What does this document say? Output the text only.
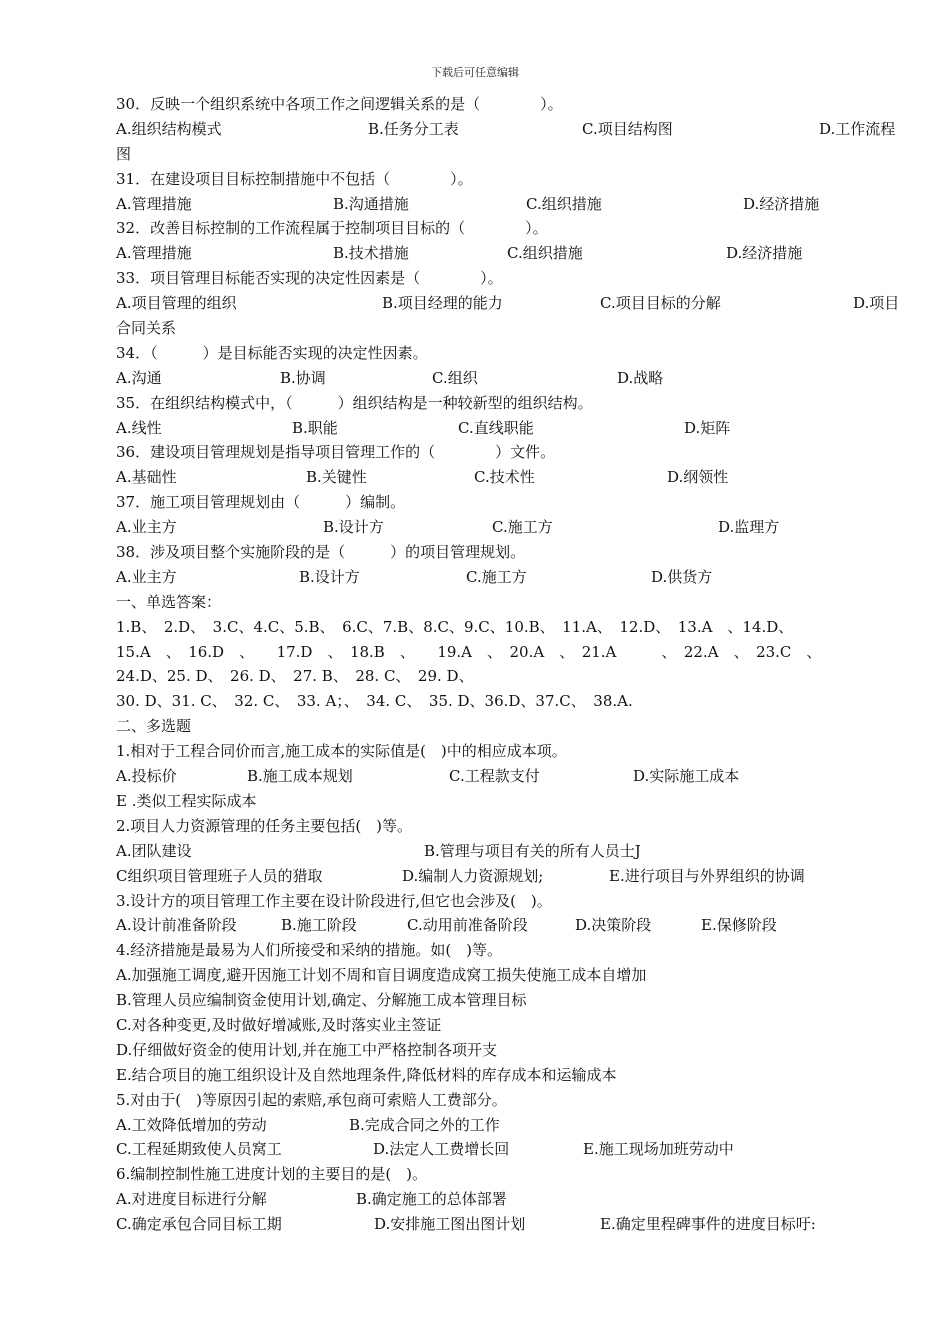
下载后可任意编辑
30．反映一个组织系统中各项工作之间逻辑关系的是（　　　　）。
A.组织结构模式	B.任务分工表	C.项目结构图	D.工作流程
图
31．在建设项目目标控制措施中不包括（　　　　）。
A.管理措施	B.沟通措施	C.组织措施	D.经济措施
32．改善目标控制的工作流程属于控制项目目标的（　　　　）。
A.管理措施	B.技术措施	C.组织措施	D.经济措施
33．项目管理目标能否实现的决定性因素是（　　　　）。
A.项目管理的组织	B.项目经理的能力	C.项目目标的分解	D.项目
合同关系
34．（　　　）是目标能否实现的决定性因素。
A.沟通	B.协调	C.组织	D.战略
35．在组织结构模式中，（　　　）组织结构是一种较新型的组织结构。
A.线性	B.职能	C.直线职能	D.矩阵
36．建设项目管理规划是指导项目管理工作的（　　　　）文件。
A.基础性	B.关键性	C.技术性	D.纲领性
37．施工项目管理规划由（　　　）编制。
A.业主方	B.设计方	C.施工方	D.监理方
38．涉及项目整个实施阶段的是（　　　）的项目管理规划。
A.业主方	B.设计方	C.施工方	D.供货方
一、单选答案：
1.B、　2.D、　3.C、4.C、5.B、　6.C、7.B、8.C、9.C、10.B、　11.A、　12.D、　13.A　、14.D、
15.A　、　16.D　、　　17.D　、　18.B　、　　19.A　、　20.A　、　21.A　　　、　22.A　、　23.C　、
24.D、25. D、　26. D、　27. B、　28. C、　29. D、
30. D、31. C、　32. C、　33. A；、　34. C、　35. D、36.D、37.C、　38.A.
二、多选题
1.相对于工程合同价而言,施工成本的实际值是(　)中的相应成本项。
A.投标价	B.施工成本规划	C.工程款支付	D.实际施工成本
E .类似工程实际成本
2.项目人力资源管理的任务主要包括(　)等。
A.团队建设	B.管理与项目有关的所有人员士J
C组织项目管理班子人员的猎取	D.编制人力资源规划;	E.进行项目与外界组织的协调
3.设计方的项目管理工作主要在设计阶段进行,但它也会涉及(　)。
A.设计前准备阶段	B.施工阶段	C.动用前准备阶段	D.决策阶段	E.保修阶段
4.经济措施是最易为人们所接受和采纳的措施。如(　)等。
A.加强施工调度,避开因施工计划不周和盲目调度造成窝工损失使施工成本自增加
B.管理人员应编制资金使用计划,确定、分解施工成本管理目标
C.对各种变更,及时做好增减账,及时落实业主签证
D.仔细做好资金的使用计划,并在施工中严格控制各项开支
E.结合项目的施工组织设计及自然地理条件,降低材料的库存成本和运输成本
5.对由于(　)等原因引起的索赔,承包商可索赔人工费部分。
A.工效降低增加的劳动	B.完成合同之外的工作
C.工程延期致使人员窝工	D.法定人工费增长回	E.施工现场加班劳动中
6.编制控制性施工进度计划的主要目的是(　)。
A.对进度目标进行分解	B.确定施工的总体部署
C.确定承包合同目标工期	D.安排施工图出图计划	E.确定里程碑事件的进度目标吁:
